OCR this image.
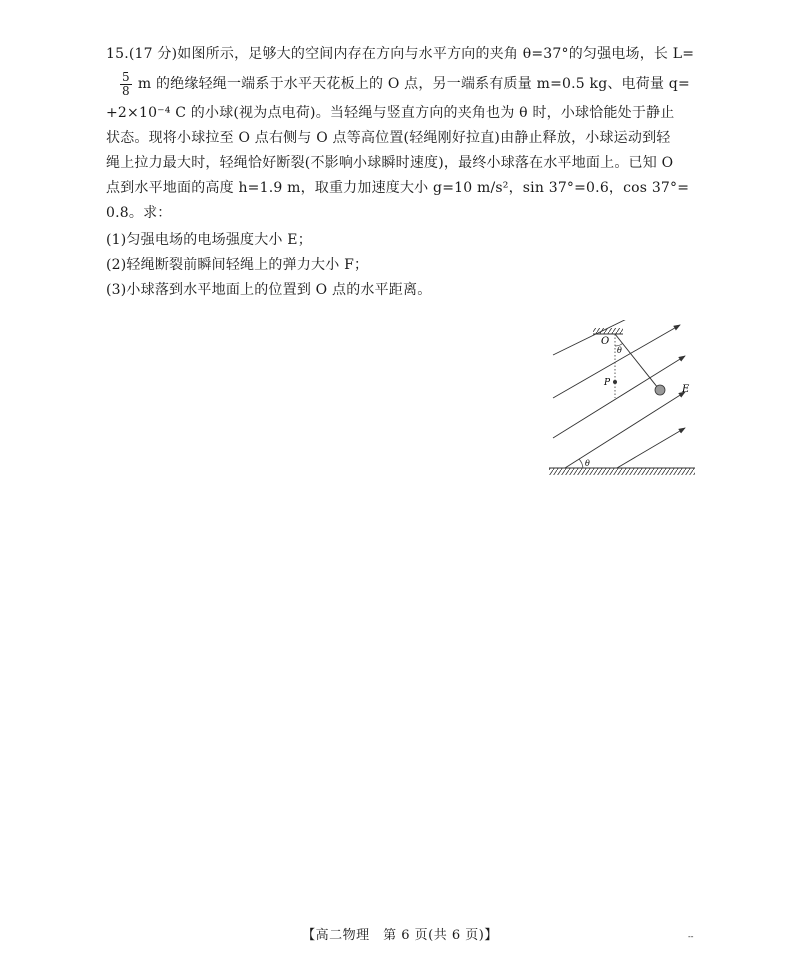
15.(17 分)如图所示，足够大的空间内存在方向与水平方向的夹角 θ=37°的匀强电场，长 L=
$\frac{5}{8}$ m 的绝缘轻绳一端系于水平天花板上的 O 点，另一端系有质量 m=0.5 kg、电荷量 q=
+2×10⁻⁴ C 的小球(视为点电荷)。当轻绳与竖直方向的夹角也为 θ 时，小球恰能处于静止
状态。现将小球拉至 O 点右侧与 O 点等高位置(轻绳刚好拉直)由静止释放，小球运动到轻
绳上拉力最大时，轻绳恰好断裂(不影响小球瞬时速度)，最终小球落在水平地面上。已知 O
点到水平地面的高度 h=1.9 m，取重力加速度大小 g=10 m/s²，sin 37°=0.6，cos 37°=
0.8。求：
(1)匀强电场的电场强度大小 E；
(2)轻绳断裂前瞬间轻绳上的弹力大小 F；
(3)小球落到水平地面上的位置到 O 点的水平距离。
O
θ
P
E
θ
【高二物理　第 6 页(共 6 页)】	--
